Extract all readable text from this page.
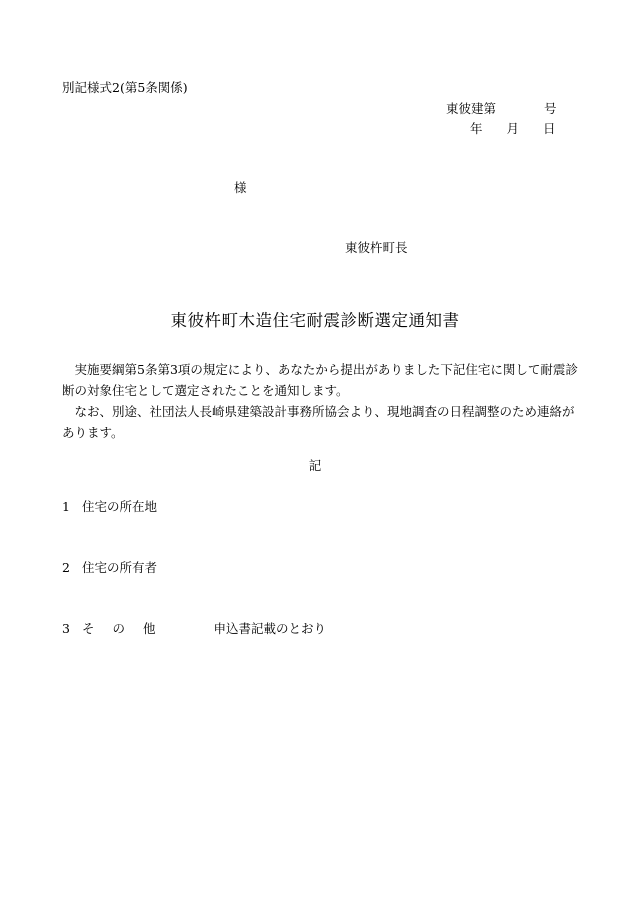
別記様式2(第5条関係)
東彼建第	号
年 月 日
様
東彼杵町長
東彼杵町木造住宅耐震診断選定通知書

実施要綱第5条第3項の規定により、あなたから提出がありました下記住宅に関して耐震診断の対象住宅として選定されたことを通知します。

なお、別途、社団法人長崎県建築設計事務所協会より、現地調査の日程調整のため連絡があります。

記
1 住宅の所在地
2 住宅の所有者
3 そ の 他	申込書記載のとおり
